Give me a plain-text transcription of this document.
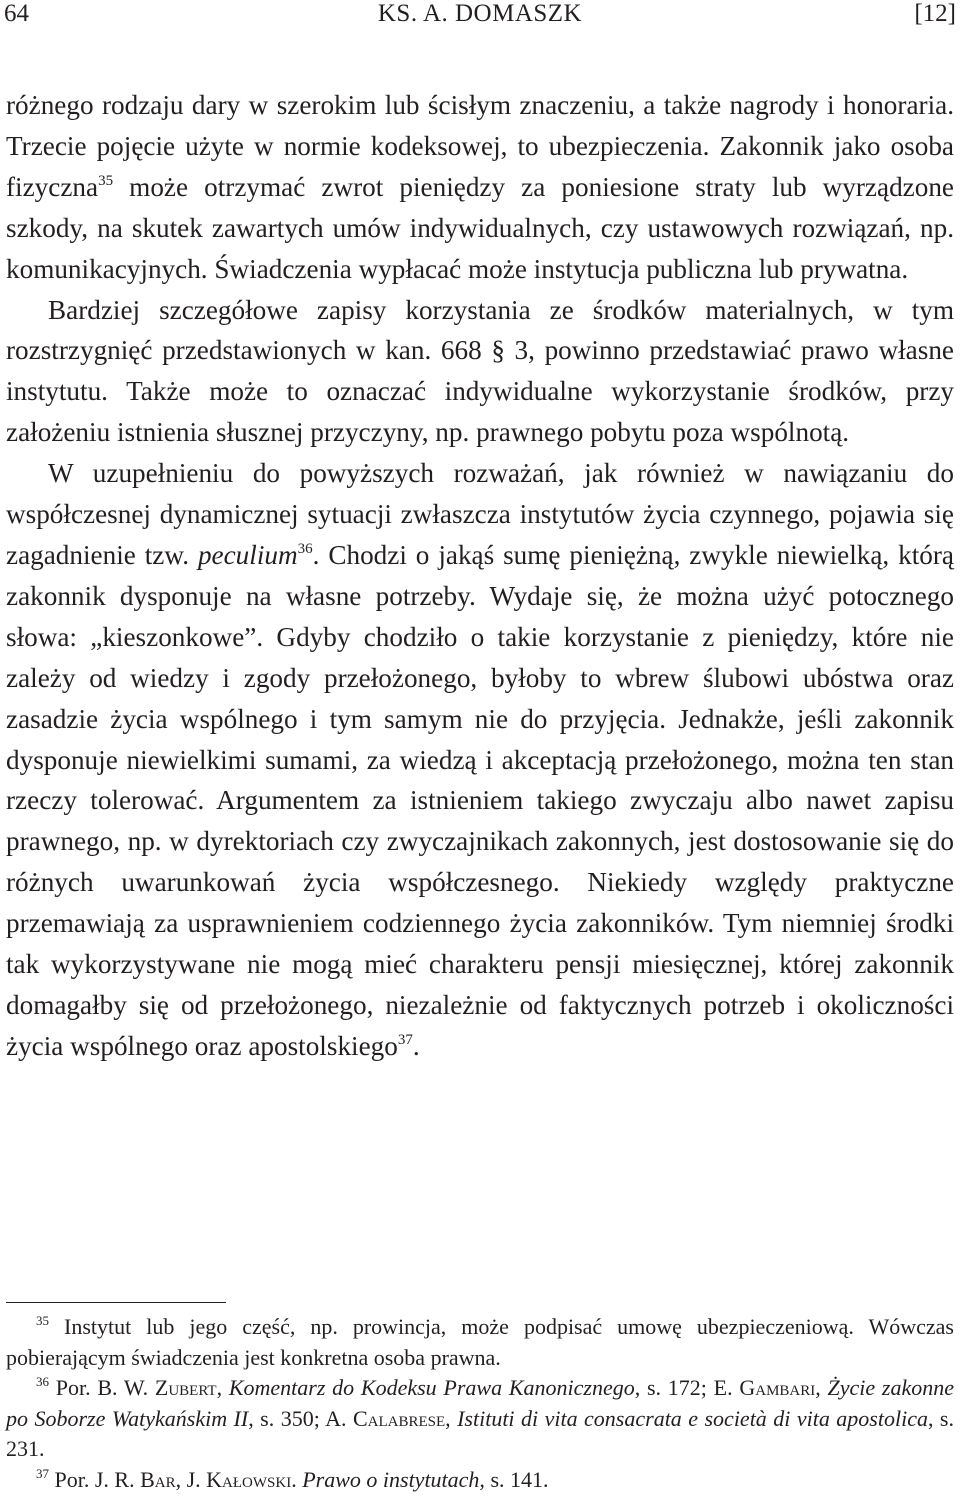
64	KS. A. DOMASZK	[12]

różnego rodzaju dary w szerokim lub ścisłym znaczeniu, a także nagrody i honoraria. Trzecie pojęcie użyte w normie kodeksowej, to ubezpieczenia. Zakonnik jako osoba fizyczna$^{35}$ może otrzymać zwrot pieniędzy za poniesione straty lub wyrządzone szkody, na skutek zawartych umów indywidualnych, czy ustawowych rozwiązań, np. komunikacyjnych. Świadczenia wypłacać może instytucja publiczna lub prywatna.

Bardziej szczegółowe zapisy korzystania ze środków materialnych, w tym rozstrzygnięć przedstawionych w kan. 668 § 3, powinno przedstawiać prawo własne instytutu. Także może to oznaczać indywidualne wykorzystanie środków, przy założeniu istnienia słusznej przyczyny, np. prawnego pobytu poza wspólnotą.

W uzupełnieniu do powyższych rozważań, jak również w nawiązaniu do współczesnej dynamicznej sytuacji zwłaszcza instytutów życia czynnego, pojawia się zagadnienie tzw. peculium$^{36}$. Chodzi o jakąś sumę pieniężną, zwykle niewielką, którą zakonnik dysponuje na własne potrzeby. Wydaje się, że można użyć potocznego słowa: „kieszonkowe”. Gdyby chodziło o takie korzystanie z pieniędzy, które nie zależy od wiedzy i zgody przełożonego, byłoby to wbrew ślubowi ubóstwa oraz zasadzie życia wspólnego i tym samym nie do przyjęcia. Jednakże, jeśli zakonnik dysponuje niewielkimi sumami, za wiedzą i akceptacją przełożonego, można ten stan rzeczy tolerować. Argumentem za istnieniem takiego zwyczaju albo nawet zapisu prawnego, np. w dyrektoriach czy zwyczajnikach zakonnych, jest dostosowanie się do różnych uwarunkowań życia współczesnego. Niekiedy względy praktyczne przemawiają za usprawnieniem codziennego życia zakonników. Tym niemniej środki tak wykorzystywane nie mogą mieć charakteru pensji miesięcznej, której zakonnik domagałby się od przełożonego, niezależnie od faktycznych potrzeb i okoliczności życia wspólnego oraz apostolskiego$^{37}$.

$^{35}$ Instytut lub jego część, np. prowincja, może podpisać umowę ubezpieczeniową. Wówczas pobierającym świadczenia jest konkretna osoba prawna.

$^{36}$ Por. B. W. Zubert, Komentarz do Kodeksu Prawa Kanonicznego, s. 172; E. Gambari, Życie zakonne po Soborze Watykańskim II, s. 350; A. Calabrese, Istituti di vita consacrata e società di vita apostolica, s. 231.

$^{37}$ Por. J. R. Bar, J. Kałowski. Prawo o instytutach, s. 141.
